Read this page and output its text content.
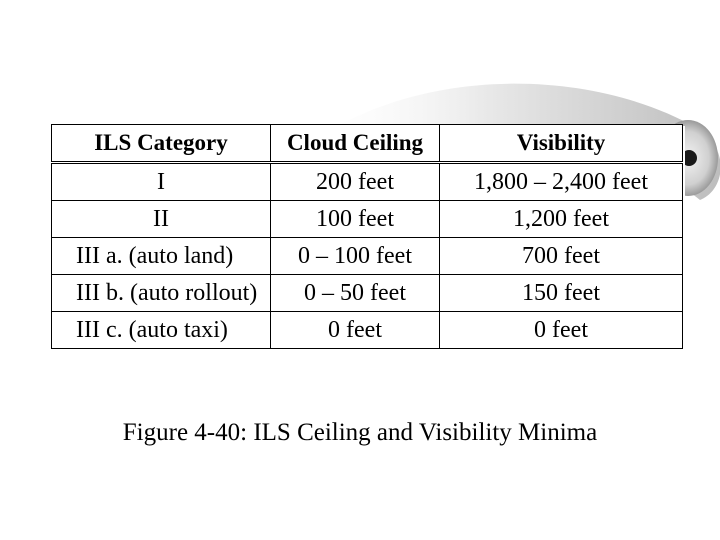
ILS Category	Cloud Ceiling	Visibility
I	200 feet	1,800 – 2,400 feet
II	100 feet	1,200 feet
III a. (auto land)	0 – 100 feet	700 feet
III b. (auto rollout)	0 – 50 feet	150 feet
III c. (auto taxi)	0 feet	0 feet
Figure 4-40: ILS Ceiling and Visibility Minima
